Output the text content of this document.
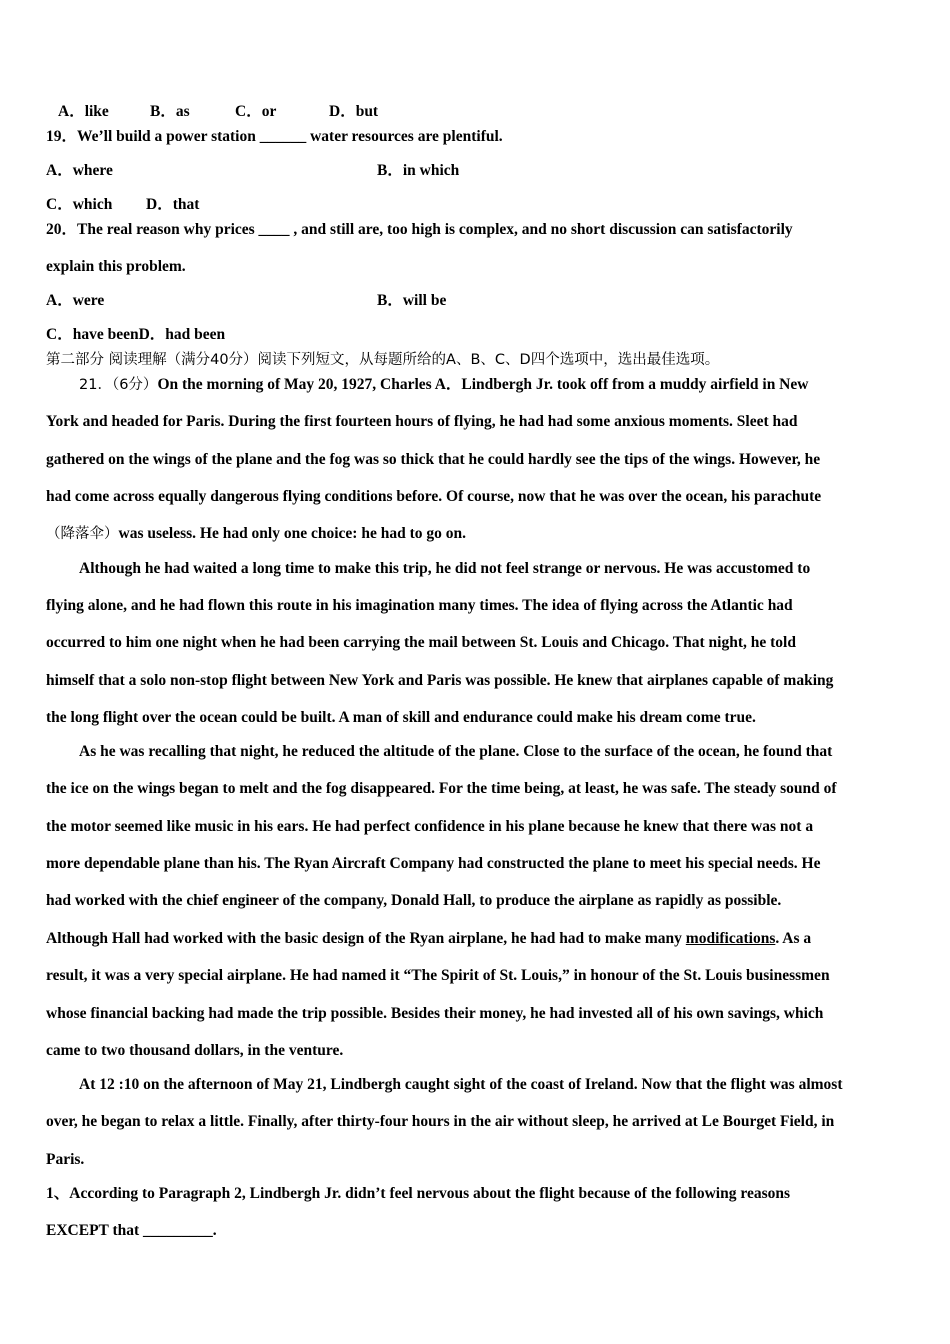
A．like	B．as	C．or	D．but
19．We’ll build a power station ______ water resources are plentiful.
A．where	B．in which
C．which D．that
20．The real reason why prices ____ , and still are, too high is complex, and no short discussion can satisfactorily
explain this problem.
A．were	B．will be
C．have beenD．had been
第二部分 阅读理解（满分40分）阅读下列短文，从每题所给的A、B、C、D四个选项中，选出最佳选项。
21．（6分）On the morning of May 20, 1927, Charles A．Lindbergh Jr. took off from a muddy airfield in New
York and headed for Paris. During the first fourteen hours of flying, he had had some anxious moments. Sleet had
gathered on the wings of the plane and the fog was so thick that he could hardly see the tips of the wings. However, he
had come across equally dangerous flying conditions before. Of course, now that he was over the ocean, his parachute
（降落伞）was useless. He had only one choice: he had to go on.
Although he had waited a long time to make this trip, he did not feel strange or nervous. He was accustomed to
flying alone, and he had flown this route in his imagination many times. The idea of flying across the Atlantic had
occurred to him one night when he had been carrying the mail between St. Louis and Chicago. That night, he told
himself that a solo non-stop flight between New York and Paris was possible. He knew that airplanes capable of making
the long flight over the ocean could be built. A man of skill and endurance could make his dream come true.
As he was recalling that night, he reduced the altitude of the plane. Close to the surface of the ocean, he found that
the ice on the wings began to melt and the fog disappeared. For the time being, at least, he was safe. The steady sound of
the motor seemed like music in his ears. He had perfect confidence in his plane because he knew that there was not a
more dependable plane than his. The Ryan Aircraft Company had constructed the plane to meet his special needs. He
had worked with the chief engineer of the company, Donald Hall, to produce the airplane as rapidly as possible.
Although Hall had worked with the basic design of the Ryan airplane, he had had to make many modifications. As a
result, it was a very special airplane. He had named it “The Spirit of St. Louis,” in honour of the St. Louis businessmen
whose financial backing had made the trip possible. Besides their money, he had invested all of his own savings, which
came to two thousand dollars, in the venture.
At 12 :10 on the afternoon of May 21, Lindbergh caught sight of the coast of Ireland. Now that the flight was almost
over, he began to relax a little. Finally, after thirty-four hours in the air without sleep, he arrived at Le Bourget Field, in
Paris.
1、According to Paragraph 2, Lindbergh Jr. didn’t feel nervous about the flight because of the following reasons
EXCEPT that _________.
